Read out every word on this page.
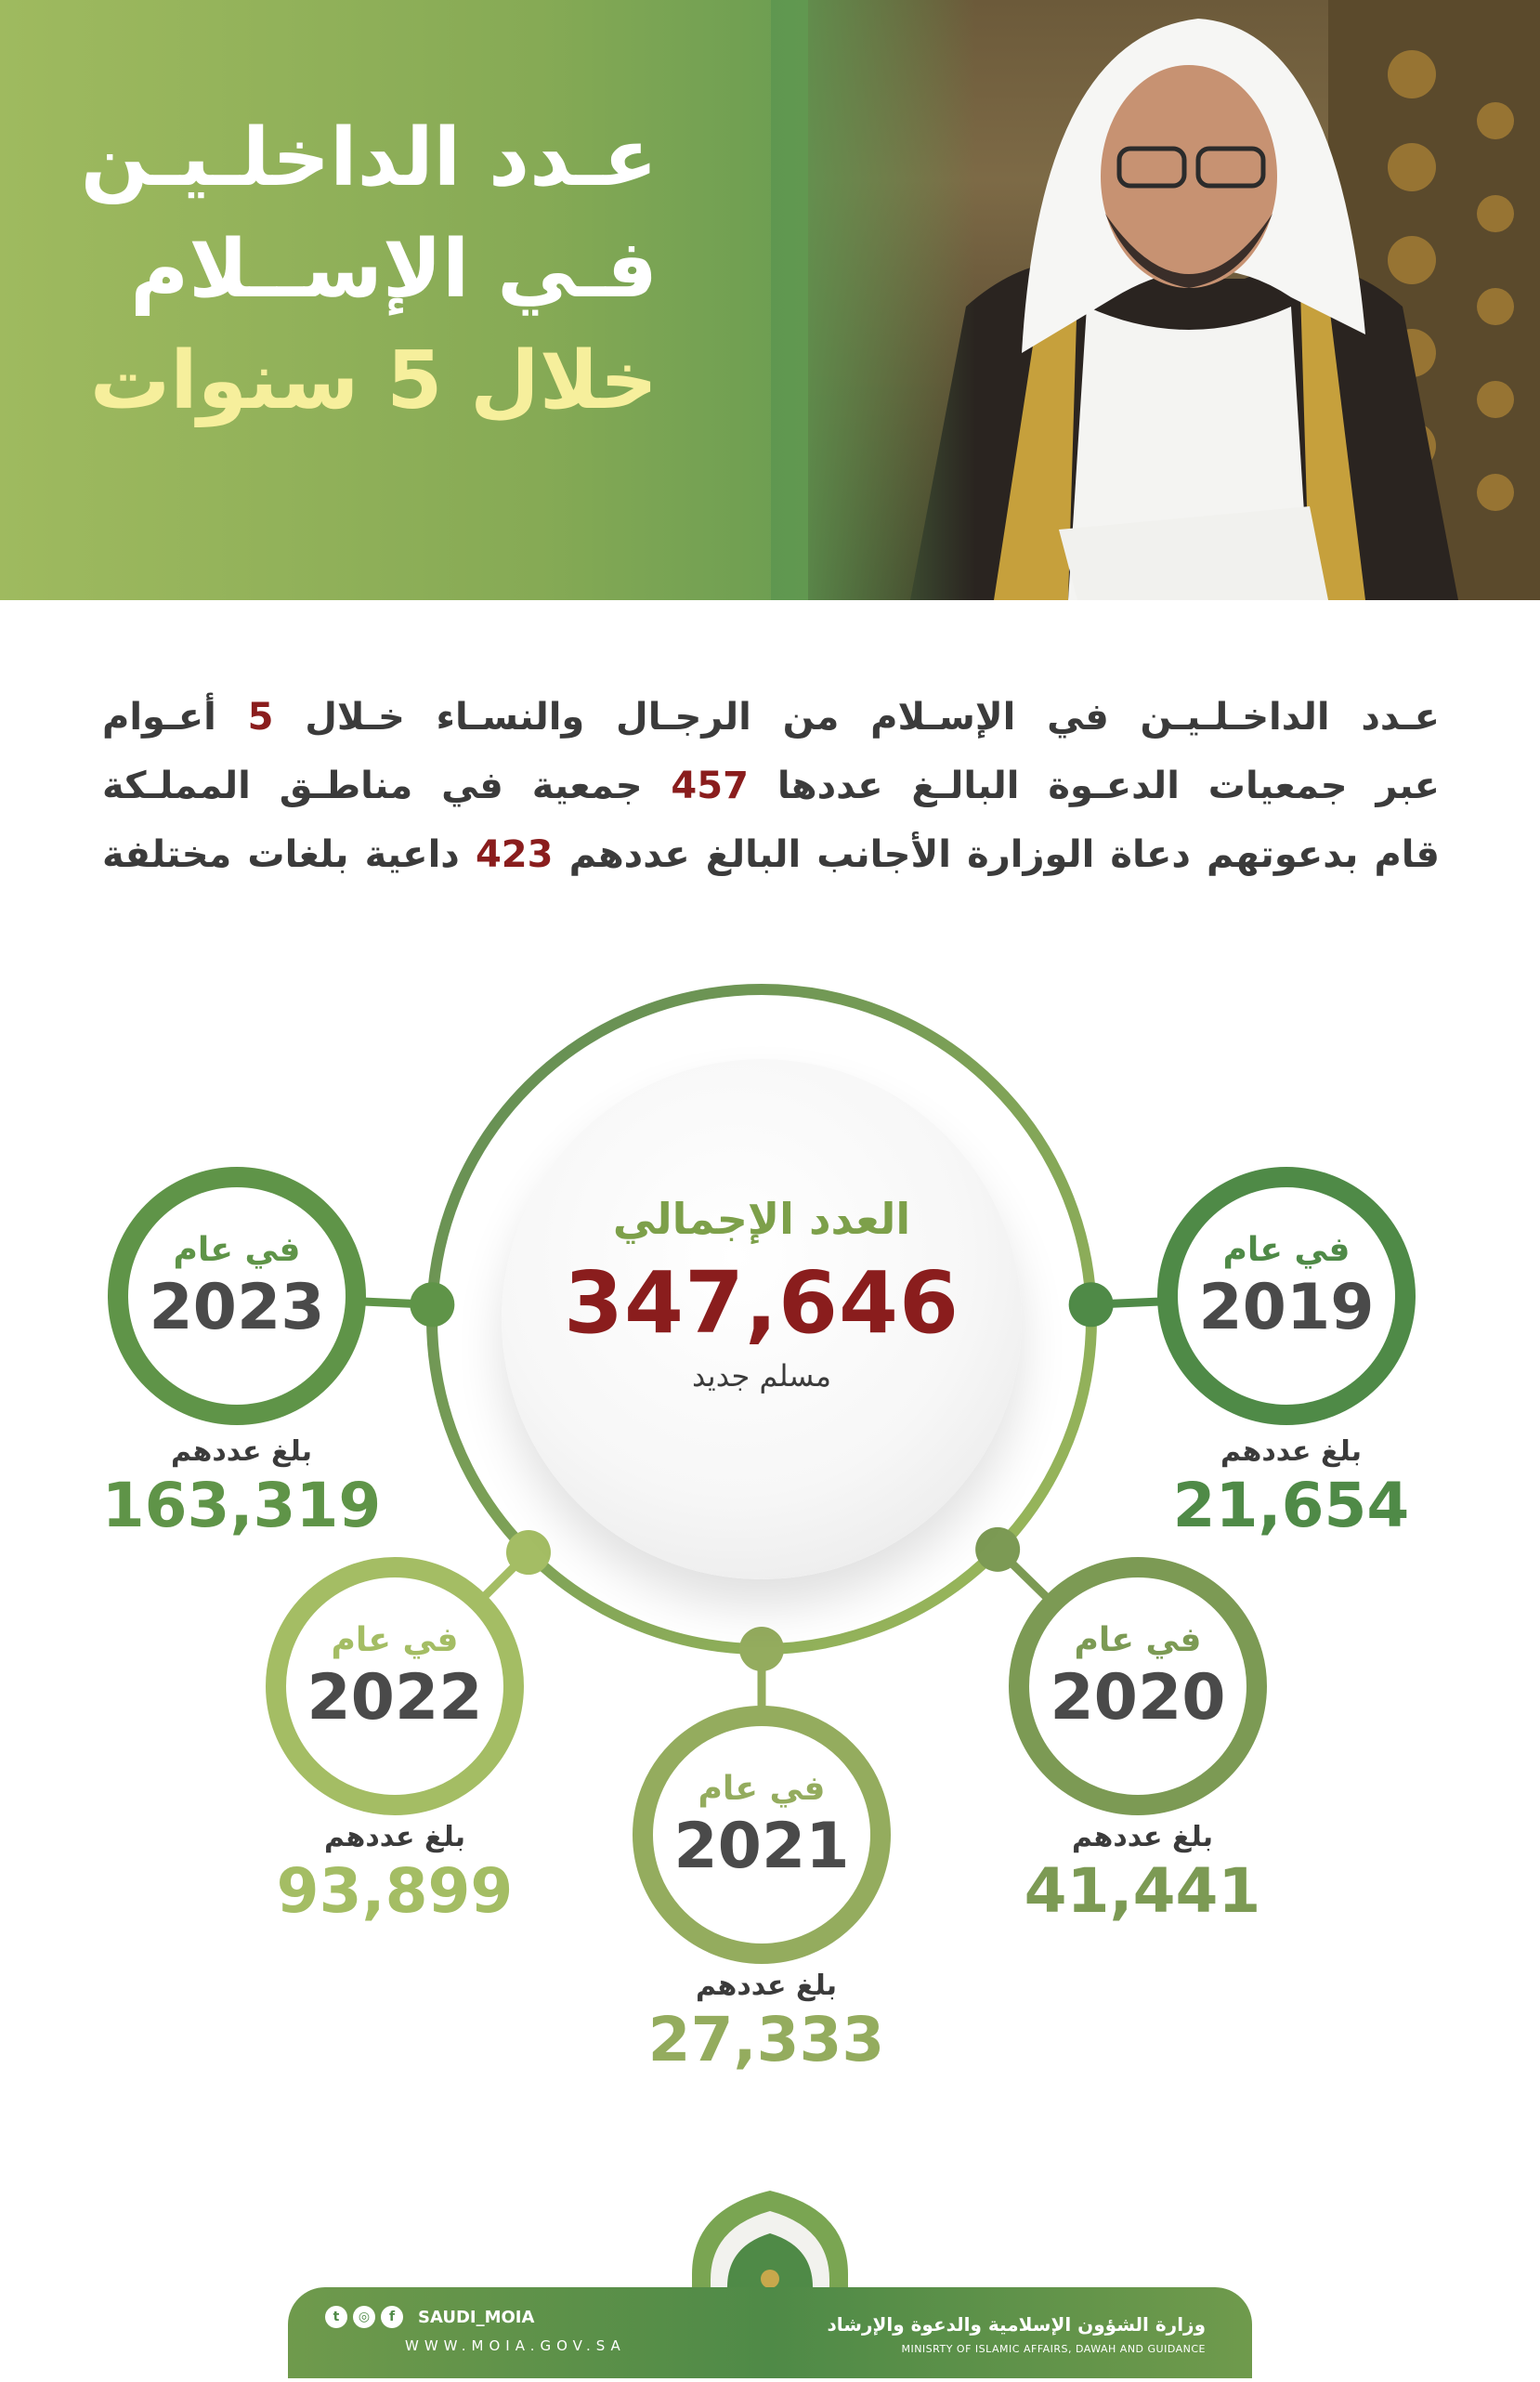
عـدد الداخلـيـن

فـي الإســلام

خلال 5 سنوات

عـدد الداخـلـيـن في الإسـلام من الرجـال والنسـاء خـلال 5 أعـوام

عبر جمعيات الدعـوة البالـغ عددها 457 جمعية في مناطـق المملـكة

قام بدعوتهم دعاة الوزارة الأجانب البالغ عددهم 423 داعية بلغات مختلفة

العدد الإجمالي
347,646
مسلم جديد
في عام
2019
بلغ عددهم
21,654
في عام
2020
بلغ عددهم
41,441
في عام
2021
بلغ عددهم
27,333
في عام
2022
بلغ عددهم
93,899
في عام
2023
بلغ عددهم
163,319
t	◎	f	SAUDI_MOIA
WWW.MOIA.GOV.SA
وزارة الشؤون الإسلامية والدعوة والإرشاد
MINISRTY OF ISLAMIC AFFAIRS, DAWAH AND GUIDANCE
